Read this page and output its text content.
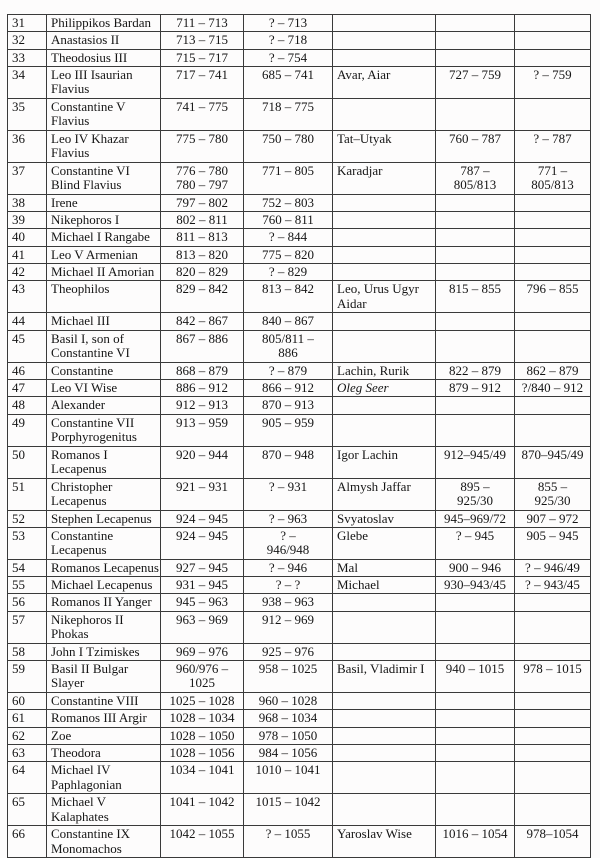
31	Philippikos Bardan	711 – 713	? – 713			

32	Anastasios II	713 – 715	? – 718			

33	Theodosius III	715 – 717	? – 754			

34	Leo III Isaurian
Flavius	717 – 741	685 – 741	Avar, Aiar	727 – 759	? – 759

35	Constantine V
Flavius	741 – 775	718 – 775			

36	Leo IV Khazar
Flavius	775 – 780	750 – 780	Tat–Utyak	760 – 787	? – 787

37	Constantine VI
Blind Flavius	776 – 780
780 – 797	771 – 805	Karadjar	787 –
805/813	771 –
805/813

38	Irene	797 – 802	752 – 803			

39	Nikephoros I	802 – 811	760 – 811			

40	Michael I Rangabe	811 – 813	? – 844			

41	Leo V Armenian	813 – 820	775 – 820			

42	Michael II Amorian	820 – 829	? – 829			

43	Theophilos	829 – 842	813 – 842	Leo, Urus Ugyr
Aidar	815 – 855	796 – 855

44	Michael III	842 – 867	840 – 867			

45	Basil I, son of
Constantine VI	867 – 886	805/811 –
886			

46	Constantine	868 – 879	? – 879	Lachin, Rurik	822 – 879	862 – 879

47	Leo VI Wise	886 – 912	866 – 912	Oleg Seer	879 – 912	?/840 – 912

48	Alexander	912 – 913	870 – 913			

49	Constantine VII
Porphyrogenitus	913 – 959	905 – 959			

50	Romanos I
Lecapenus	920 – 944	870 – 948	Igor Lachin	912–945/49	870–945/49

51	Christopher
Lecapenus	921 – 931	? – 931	Almysh Jaffar	895 –
925/30	855 –
925/30

52	Stephen Lecapenus	924 – 945	? – 963	Svyatoslav	945–969/72	907 – 972

53	Constantine
Lecapenus	924 – 945	? –
946/948	Glebe	? – 945	905 – 945

54	Romanos Lecapenus	927 – 945	? – 946	Mal	900 – 946	? – 946/49

55	Michael Lecapenus	931 – 945	? – ?	Michael	930–943/45	? – 943/45

56	Romanos II Yanger	945 – 963	938 – 963			

57	Nikephoros II
Phokas	963 – 969	912 – 969			

58	John I Tzimiskes	969 – 976	925 – 976			

59	Basil II Bulgar
Slayer	960/976 –
1025	958 – 1025	Basil, Vladimir I	940 – 1015	978 – 1015

60	Constantine VIII	1025 – 1028	960 – 1028			

61	Romanos III Argir	1028 – 1034	968 – 1034			

62	Zoe	1028 – 1050	978 – 1050			

63	Theodora	1028 – 1056	984 – 1056			

64	Michael IV
Paphlagonian	1034 – 1041	1010 – 1041			

65	Michael V
Kalaphates	1041 – 1042	1015 – 1042			

66	Constantine IX
Monomachos	1042 – 1055	? – 1055	Yaroslav Wise	1016 – 1054	978–1054
